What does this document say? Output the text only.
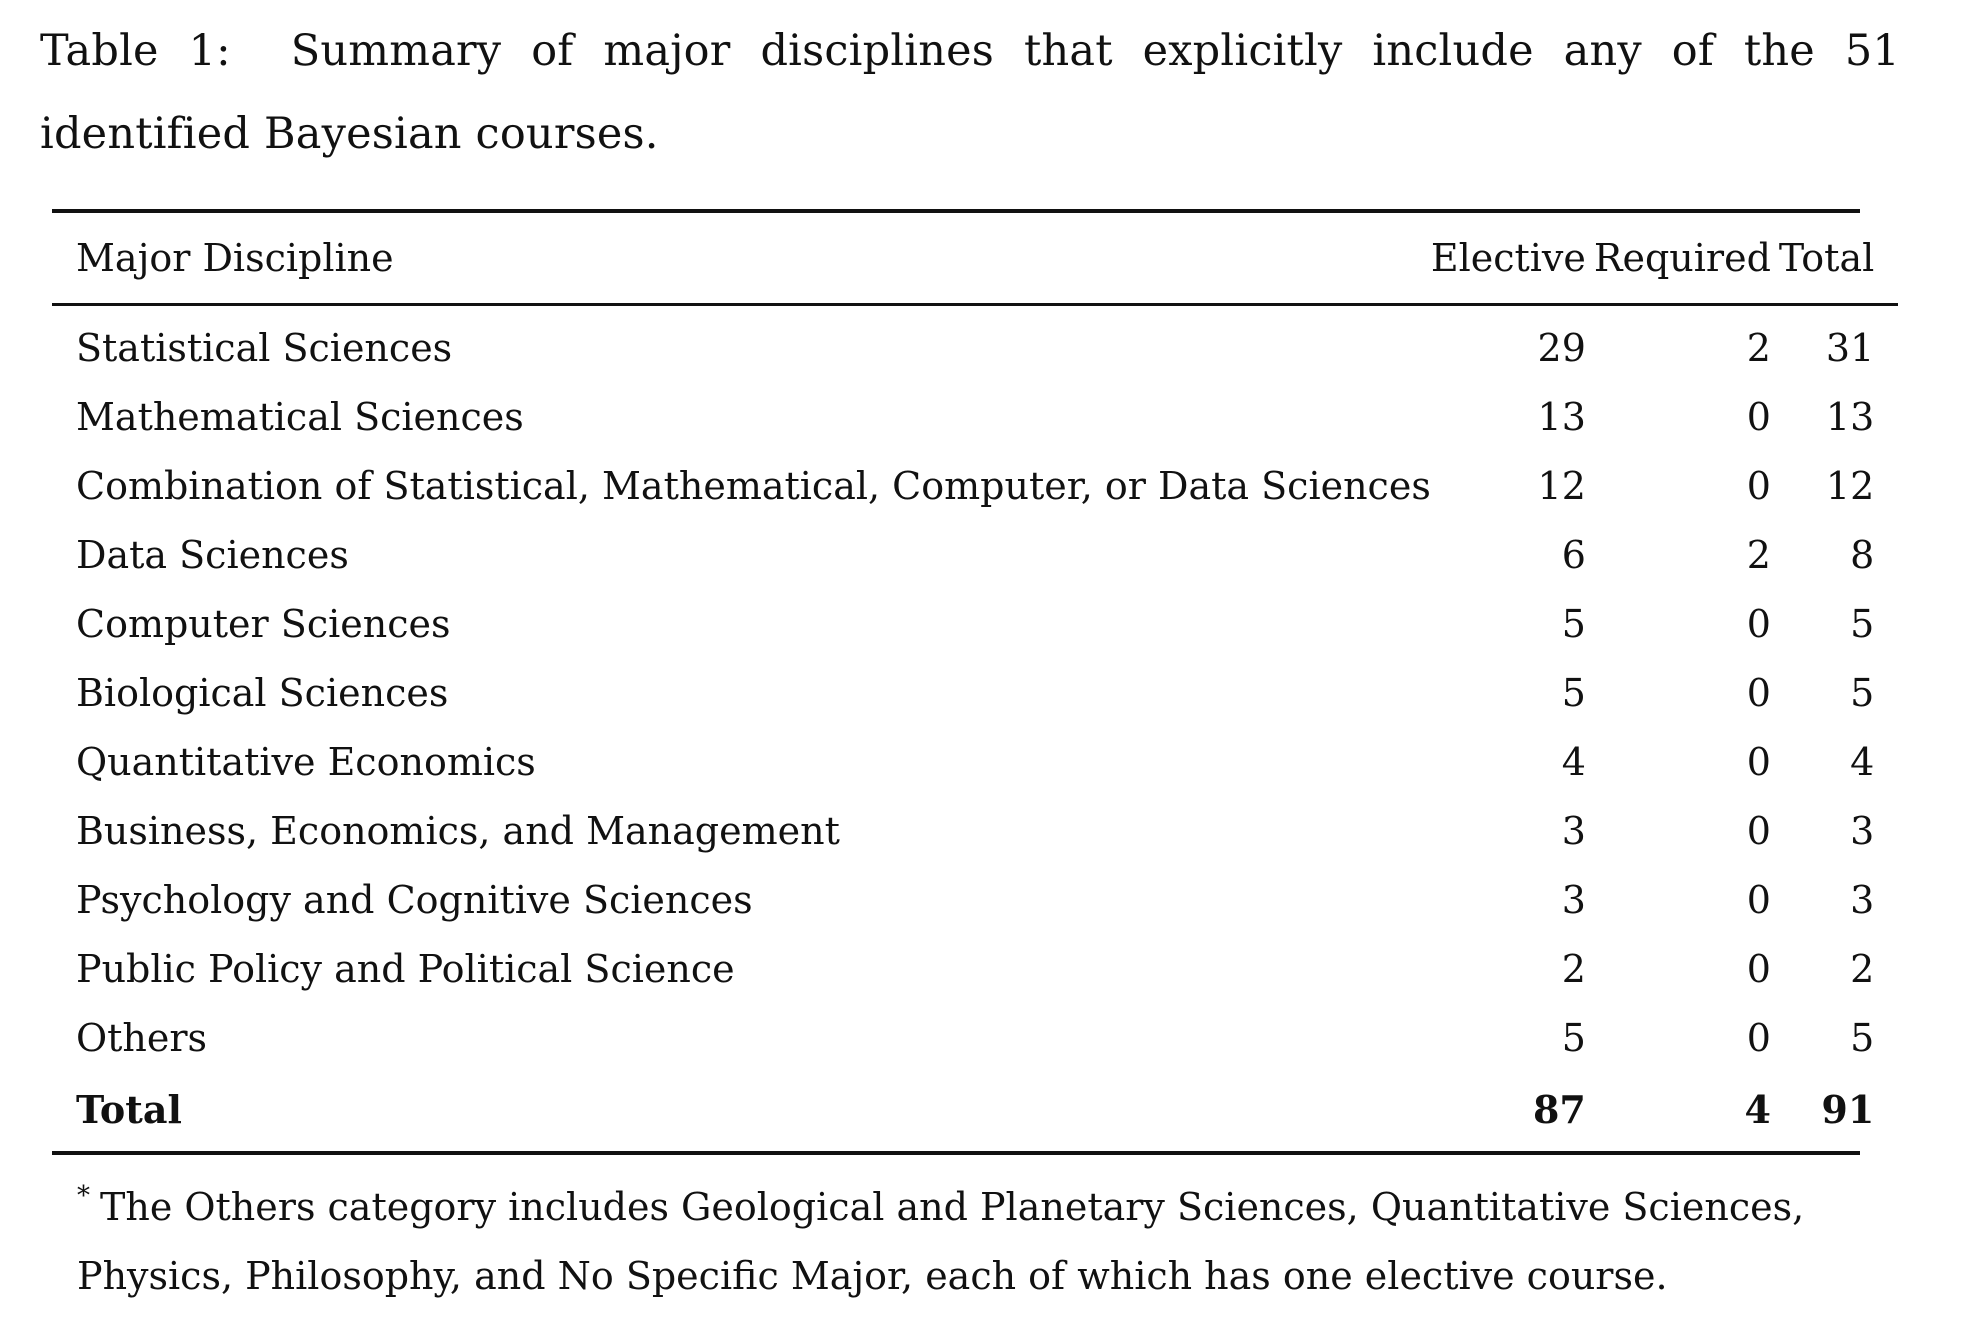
Table 1: Summary of major disciplines that explicitly include any of the 51 identified Bayesian courses.
Major Discipline	Elective	Required	Total

Statistical Sciences	29	2	31
Mathematical Sciences	13	0	13
Combination of Statistical, Mathematical, Computer, or Data Sciences	12	0	12
Data Sciences	6	2	8
Computer Sciences	5	0	5
Biological Sciences	5	0	5
Quantitative Economics	4	0	4
Business, Economics, and Management	3	0	3
Psychology and Cognitive Sciences	3	0	3
Public Policy and Political Science	2	0	2
Others	5	0	5
Total	87	4	91
* The Others category includes Geological and Planetary Sciences, Quantitative Sciences, Physics, Philosophy, and No Specific Major, each of which has one elective course.
